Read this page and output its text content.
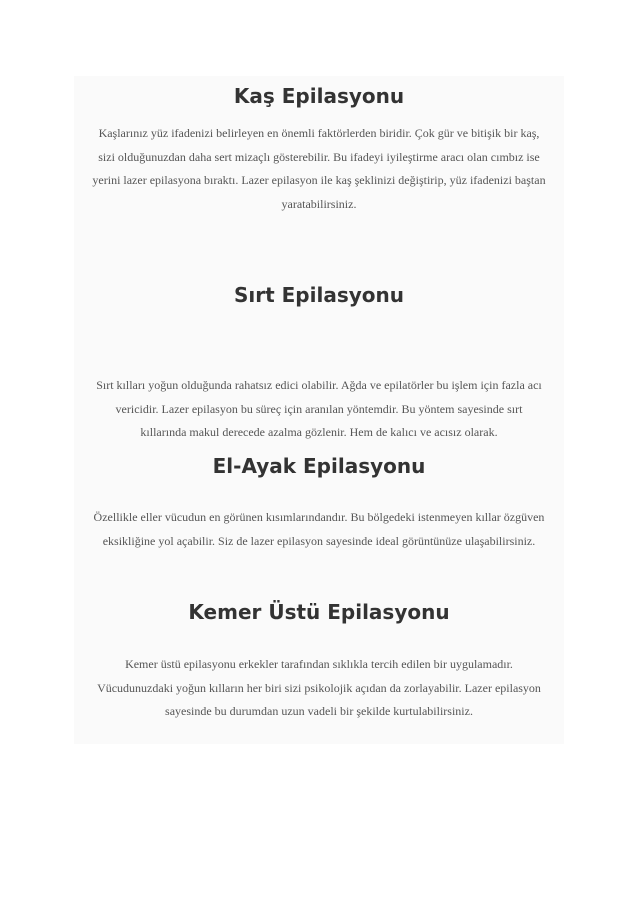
Kaş Epilasyonu
Kaşlarınız yüz ifadenizi belirleyen en önemli faktörlerden biridir. Çok gür ve bitişik bir kaş,
sizi olduğunuzdan daha sert mizaçlı gösterebilir. Bu ifadeyi iyileştirme aracı olan cımbız ise
yerini lazer epilasyona bıraktı. Lazer epilasyon ile kaş şeklinizi değiştirip, yüz ifadenizi baştan
yaratabilirsiniz.
Sırt Epilasyonu
Sırt kılları yoğun olduğunda rahatsız edici olabilir. Ağda ve epilatörler bu işlem için fazla acı
vericidir. Lazer epilasyon bu süreç için aranılan yöntemdir. Bu yöntem sayesinde sırt
kıllarında makul derecede azalma gözlenir. Hem de kalıcı ve acısız olarak.
El-Ayak Epilasyonu
Özellikle eller vücudun en görünen kısımlarındandır. Bu bölgedeki istenmeyen kıllar özgüven
eksikliğine yol açabilir. Siz de lazer epilasyon sayesinde ideal görüntünüze ulaşabilirsiniz.
Kemer Üstü Epilasyonu
Kemer üstü epilasyonu erkekler tarafından sıklıkla tercih edilen bir uygulamadır.
Vücudunuzdaki yoğun kılların her biri sizi psikolojik açıdan da zorlayabilir. Lazer epilasyon
sayesinde bu durumdan uzun vadeli bir şekilde kurtulabilirsiniz.
